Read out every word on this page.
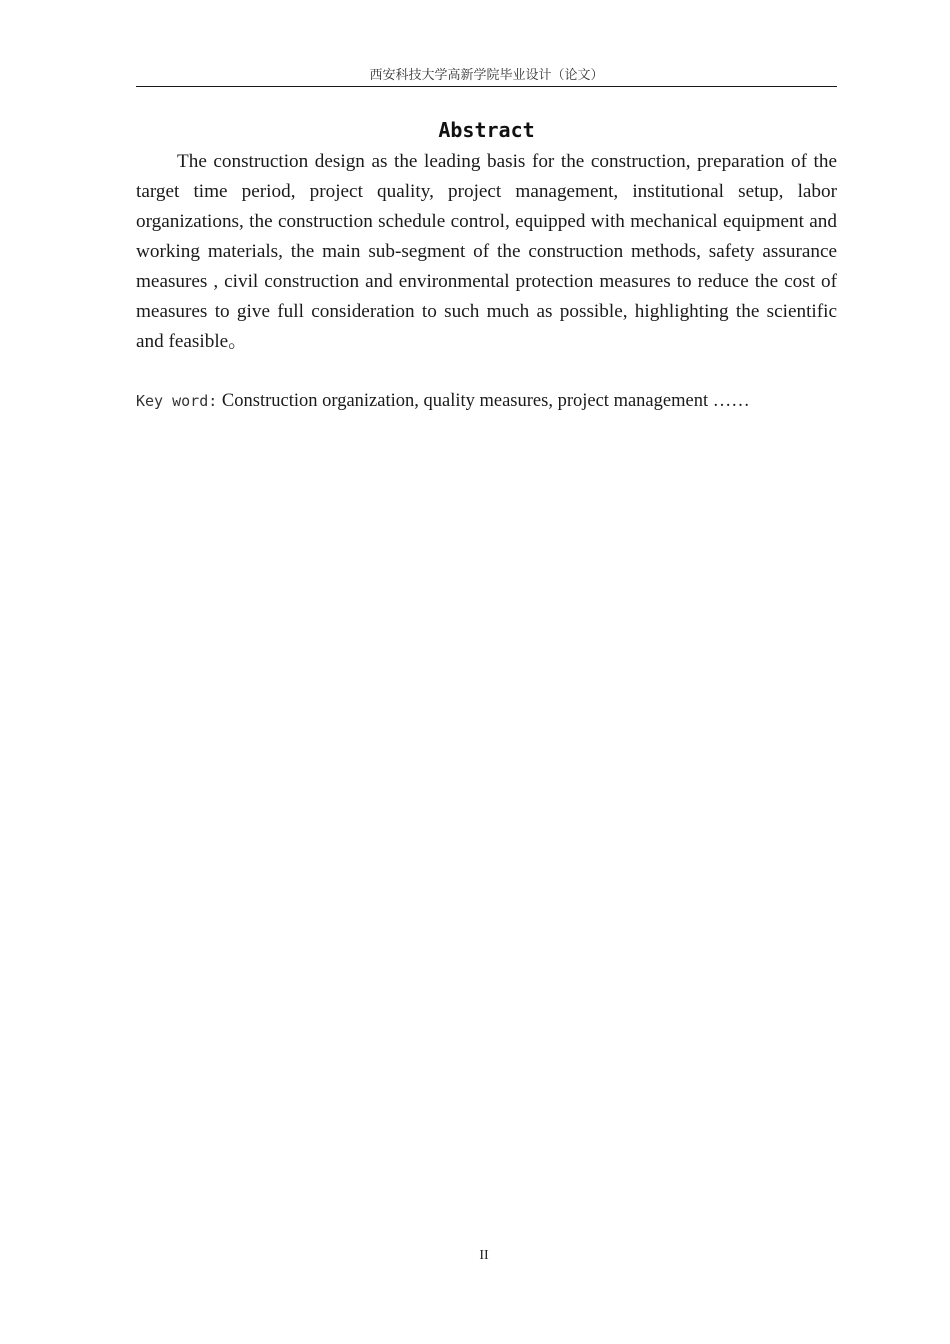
西安科技大学高新学院毕业设计（论文）
Abstract

The construction design as the leading basis for the construction, preparation of the target time period, project quality, project management, institutional setup, labor organizations, the construction schedule control, equipped with mechanical equipment and working materials, the main sub-segment of the construction methods, safety assurance measures , civil construction and environmental protection measures to reduce the cost of measures to give full consideration to such much as possible, highlighting the scientific and feasible。

Key word: Construction organization, quality measures, project management ……
II
